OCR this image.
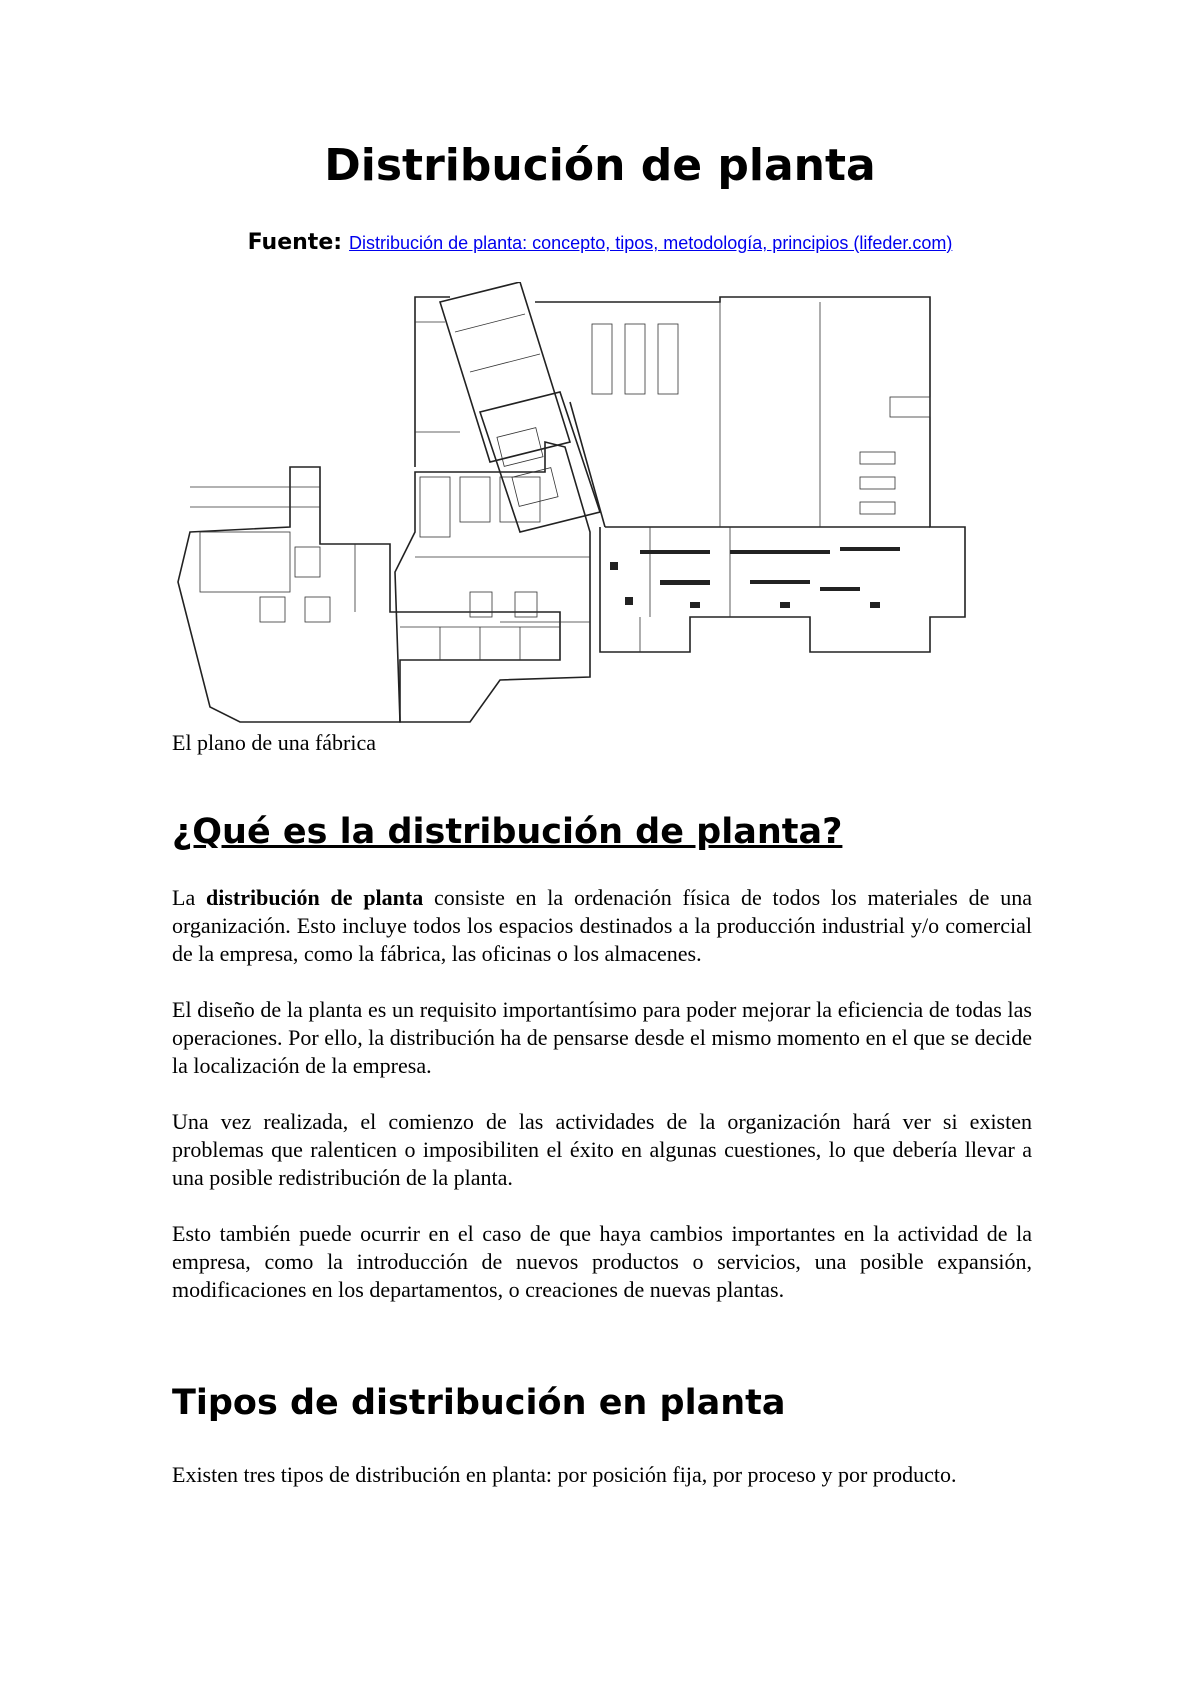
Distribución de planta
Fuente: Distribución de planta: concepto, tipos, metodología, principios (lifeder.com)
El plano de una fábrica
¿Qué es la distribución de planta?

La distribución de planta consiste en la ordenación física de todos los materiales de una organización. Esto incluye todos los espacios destinados a la producción industrial y/o comercial de la empresa, como la fábrica, las oficinas o los almacenes.

El diseño de la planta es un requisito importantísimo para poder mejorar la eficiencia de todas las operaciones. Por ello, la distribución ha de pensarse desde el mismo momento en el que se decide la localización de la empresa.

Una vez realizada, el comienzo de las actividades de la organización hará ver si existen problemas que ralenticen o imposibiliten el éxito en algunas cuestiones, lo que debería llevar a una posible redistribución de la planta.

Esto también puede ocurrir en el caso de que haya cambios importantes en la actividad de la empresa, como la introducción de nuevos productos o servicios, una posible expansión, modificaciones en los departamentos, o creaciones de nuevas plantas.

Tipos de distribución en planta

Existen tres tipos de distribución en planta: por posición fija, por proceso y por producto.
